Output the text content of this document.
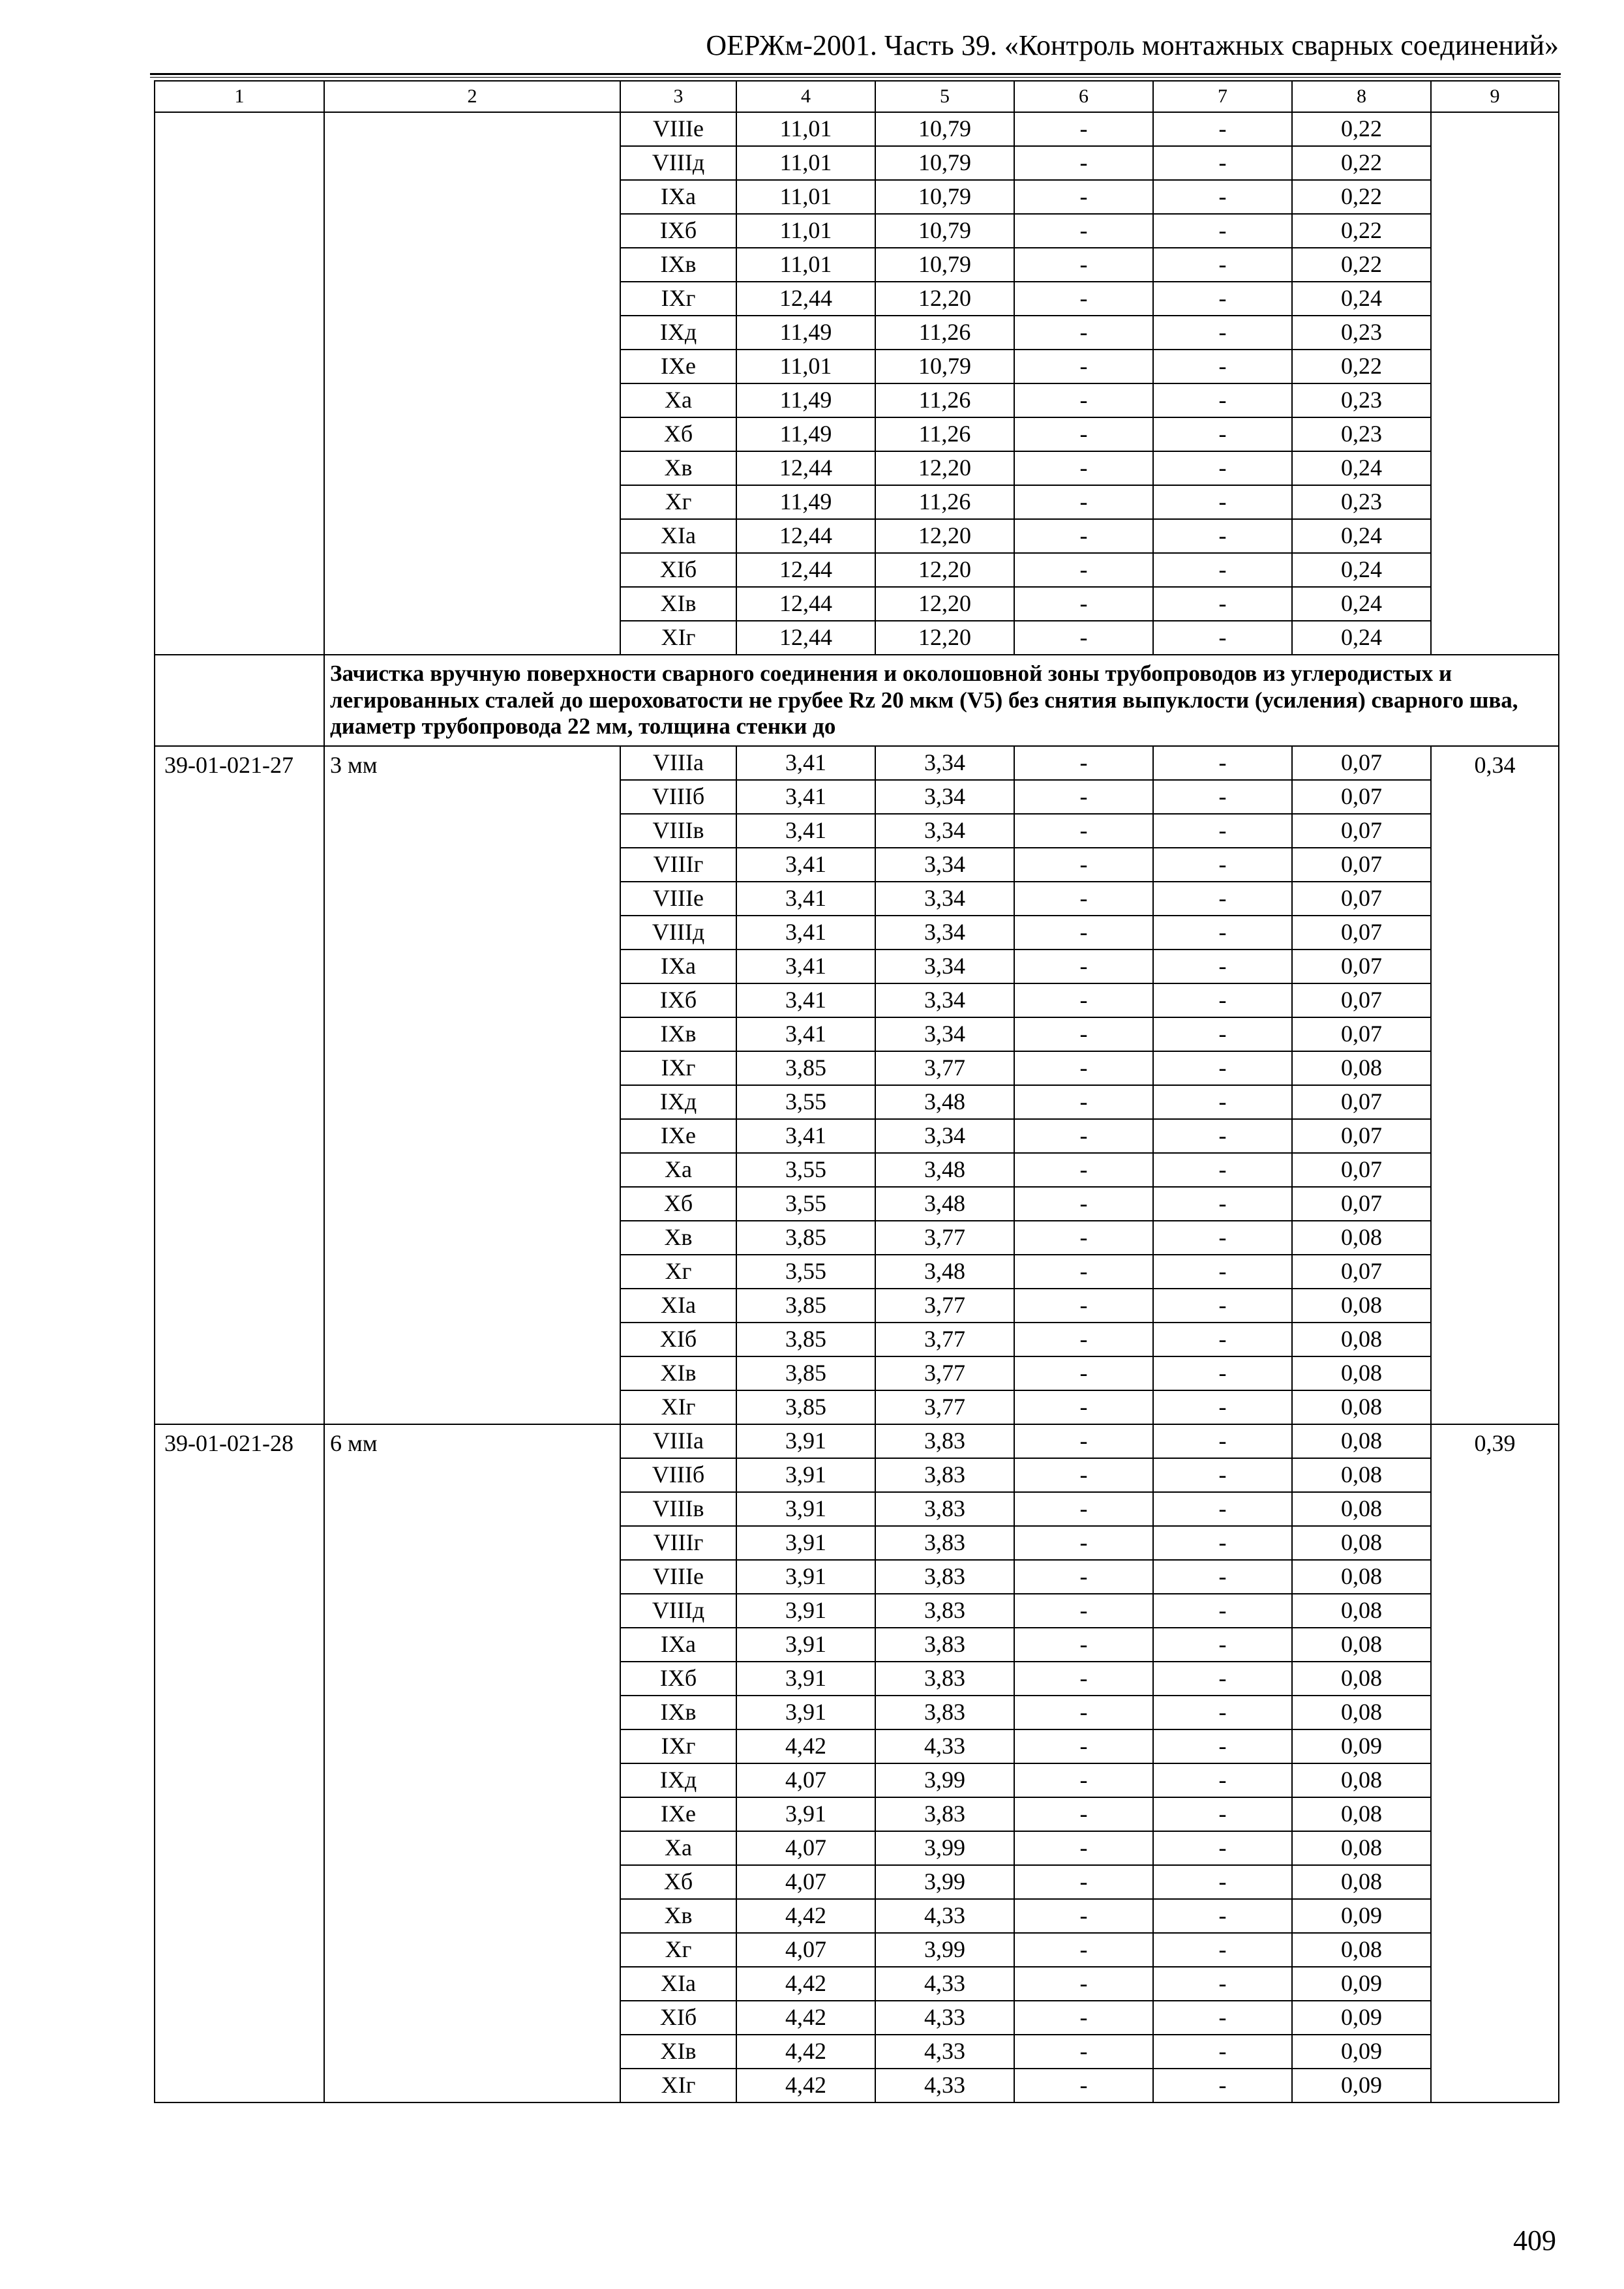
ОЕРЖм-2001. Часть 39. «Контроль монтажных сварных соединений»
1	2	3	4	5	6	7	8	9
		VIIIе	11,01	10,79	-	-	0,22	
		VIIIд	11,01	10,79	-	-	0,22	
		IXа	11,01	10,79	-	-	0,22	
		IXб	11,01	10,79	-	-	0,22	
		IXв	11,01	10,79	-	-	0,22	
		IXг	12,44	12,20	-	-	0,24	
		IXд	11,49	11,26	-	-	0,23	
		IXе	11,01	10,79	-	-	0,22	
		Xа	11,49	11,26	-	-	0,23	
		Xб	11,49	11,26	-	-	0,23	
		Xв	12,44	12,20	-	-	0,24	
		Xг	11,49	11,26	-	-	0,23	
		XIа	12,44	12,20	-	-	0,24	
		XIб	12,44	12,20	-	-	0,24	
		XIв	12,44	12,20	-	-	0,24	
		XIг	12,44	12,20	-	-	0,24	
	Зачистка вручную поверхности сварного соединения и околошовной зоны трубопроводов из углеродистых и легированных сталей до шероховатости не грубее Rz 20 мкм (V5) без снятия выпуклости (усиления) сварного шва, диаметр трубопровода 22 мм, толщина стенки до							
39-01-021-27	3 мм	VIIIа	3,41	3,34	-	-	0,07	0,34
		VIIIб	3,41	3,34	-	-	0,07	
		VIIIв	3,41	3,34	-	-	0,07	
		VIIIг	3,41	3,34	-	-	0,07	
		VIIIе	3,41	3,34	-	-	0,07	
		VIIIд	3,41	3,34	-	-	0,07	
		IXа	3,41	3,34	-	-	0,07	
		IXб	3,41	3,34	-	-	0,07	
		IXв	3,41	3,34	-	-	0,07	
		IXг	3,85	3,77	-	-	0,08	
		IXд	3,55	3,48	-	-	0,07	
		IXе	3,41	3,34	-	-	0,07	
		Xа	3,55	3,48	-	-	0,07	
		Xб	3,55	3,48	-	-	0,07	
		Xв	3,85	3,77	-	-	0,08	
		Xг	3,55	3,48	-	-	0,07	
		XIа	3,85	3,77	-	-	0,08	
		XIб	3,85	3,77	-	-	0,08	
		XIв	3,85	3,77	-	-	0,08	
		XIг	3,85	3,77	-	-	0,08	
39-01-021-28	6 мм	VIIIа	3,91	3,83	-	-	0,08	0,39
		VIIIб	3,91	3,83	-	-	0,08	
		VIIIв	3,91	3,83	-	-	0,08	
		VIIIг	3,91	3,83	-	-	0,08	
		VIIIе	3,91	3,83	-	-	0,08	
		VIIIд	3,91	3,83	-	-	0,08	
		IXа	3,91	3,83	-	-	0,08	
		IXб	3,91	3,83	-	-	0,08	
		IXв	3,91	3,83	-	-	0,08	
		IXг	4,42	4,33	-	-	0,09	
		IXд	4,07	3,99	-	-	0,08	
		IXе	3,91	3,83	-	-	0,08	
		Xа	4,07	3,99	-	-	0,08	
		Xб	4,07	3,99	-	-	0,08	
		Xв	4,42	4,33	-	-	0,09	
		Xг	4,07	3,99	-	-	0,08	
		XIа	4,42	4,33	-	-	0,09	
		XIб	4,42	4,33	-	-	0,09	
		XIв	4,42	4,33	-	-	0,09	
		XIг	4,42	4,33	-	-	0,09	
409
